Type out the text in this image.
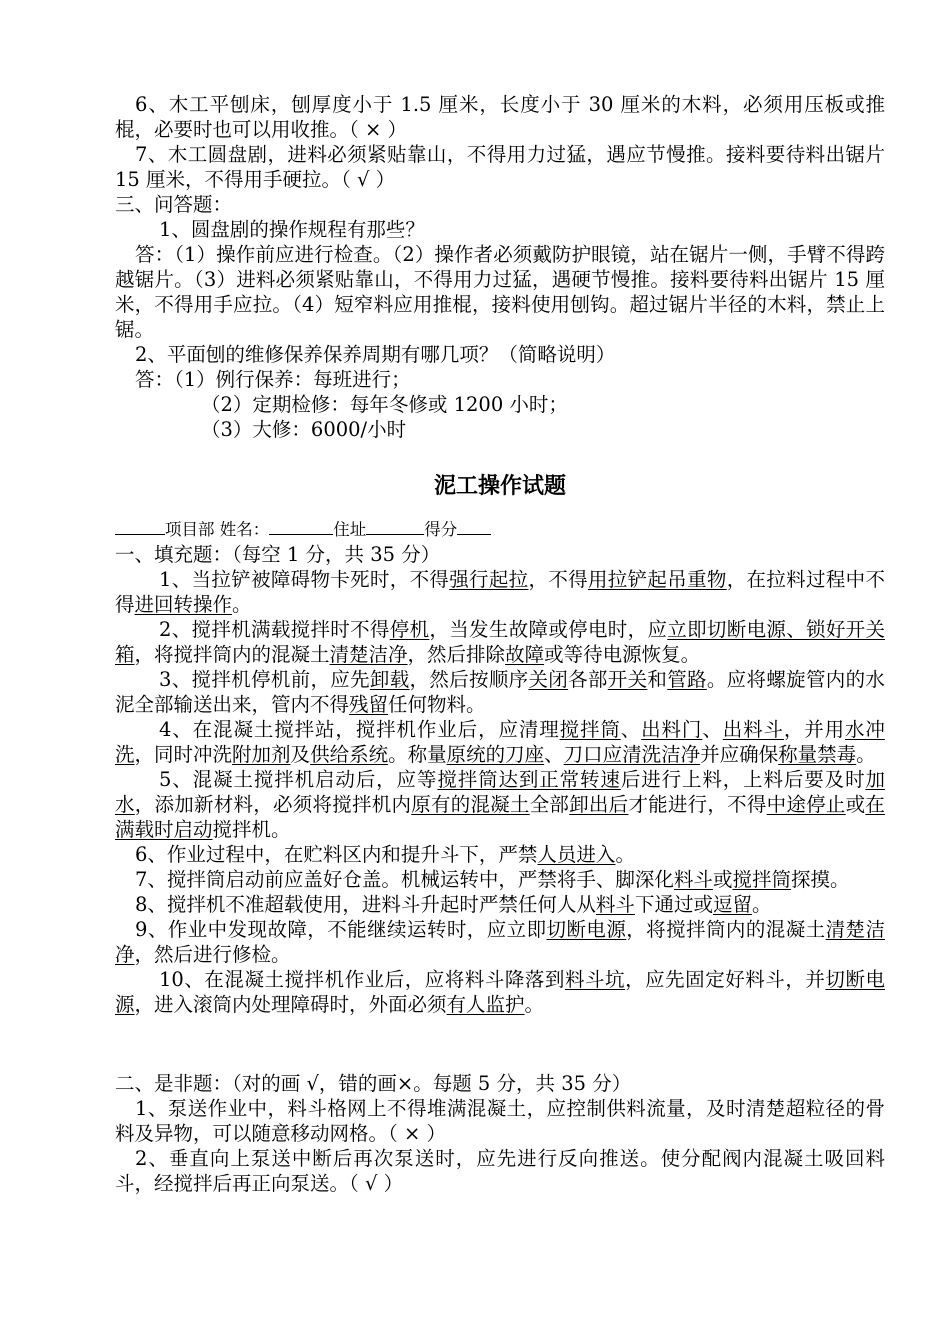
6、木工平刨床，刨厚度小于 1.5 厘米，长度小于 30 厘米的木料，必须用压板或推棍，必要时也可以用收推。（ × ）

7、木工圆盘剧，进料必须紧贴靠山，不得用力过猛，遇应节慢推。接料要待料出锯片 15 厘米，不得用手硬拉。（ √ ）

三、问答题：

1、圆盘剧的操作规程有那些？

答：（1）操作前应进行检查。（2）操作者必须戴防护眼镜，站在锯片一侧，手臂不得跨越锯片。（3）进料必须紧贴靠山，不得用力过猛，遇硬节慢推。接料要待料出锯片 15 厘米，不得用手应拉。（4）短窄料应用推棍，接料使用刨钩。超过锯片半径的木料，禁止上锯。

2、平面刨的维修保养保养周期有哪几项？（简略说明）

答：（1）例行保养：每班进行；

（2）定期检修：每年冬修或 1200 小时；

（3）大修：6000/小时

泥工操作试题

项目部 姓名：	住址	得分

一、填充题：（每空 1 分，共 35 分）

1、当拉铲被障碍物卡死时，不得强行起拉，不得用拉铲起吊重物，在拉料过程中不得进回转操作。

2、搅拌机满载搅拌时不得停机，当发生故障或停电时，应立即切断电源、锁好开关箱，将搅拌筒内的混凝土清楚洁净，然后排除故障或等待电源恢复。

3、搅拌机停机前，应先卸载，然后按顺序关闭各部开关和管路。应将螺旋管内的水泥全部输送出来，管内不得残留任何物料。

4、在混凝土搅拌站，搅拌机作业后，应清理搅拌筒、出料门、出料斗，并用水冲洗，同时冲洗附加剂及供给系统。称量原统的刀座、刀口应清洗洁净并应确保称量禁毒。

5、混凝土搅拌机启动后，应等搅拌筒达到正常转速后进行上料，上料后要及时加水，添加新材料，必须将搅拌机内原有的混凝土全部卸出后才能进行，不得中途停止或在满载时启动搅拌机。

6、作业过程中，在贮料区内和提升斗下，严禁人员进入。

7、搅拌筒启动前应盖好仓盖。机械运转中，严禁将手、脚深化料斗或搅拌筒探摸。

8、搅拌机不准超载使用，进料斗升起时严禁任何人从料斗下通过或逗留。

9、作业中发现故障，不能继续运转时，应立即切断电源，将搅拌筒内的混凝土清楚洁净，然后进行修检。

10、在混凝土搅拌机作业后，应将料斗降落到料斗坑，应先固定好料斗，并切断电源，进入滚筒内处理障碍时，外面必须有人监护。

二、是非题：（对的画 √，错的画×。每题 5 分，共 35 分）

1、泵送作业中，料斗格网上不得堆满混凝土，应控制供料流量，及时清楚超粒径的骨料及异物，可以随意移动网格。（ × ）

2、垂直向上泵送中断后再次泵送时，应先进行反向推送。使分配阀内混凝土吸回料斗，经搅拌后再正向泵送。（ √ ）
